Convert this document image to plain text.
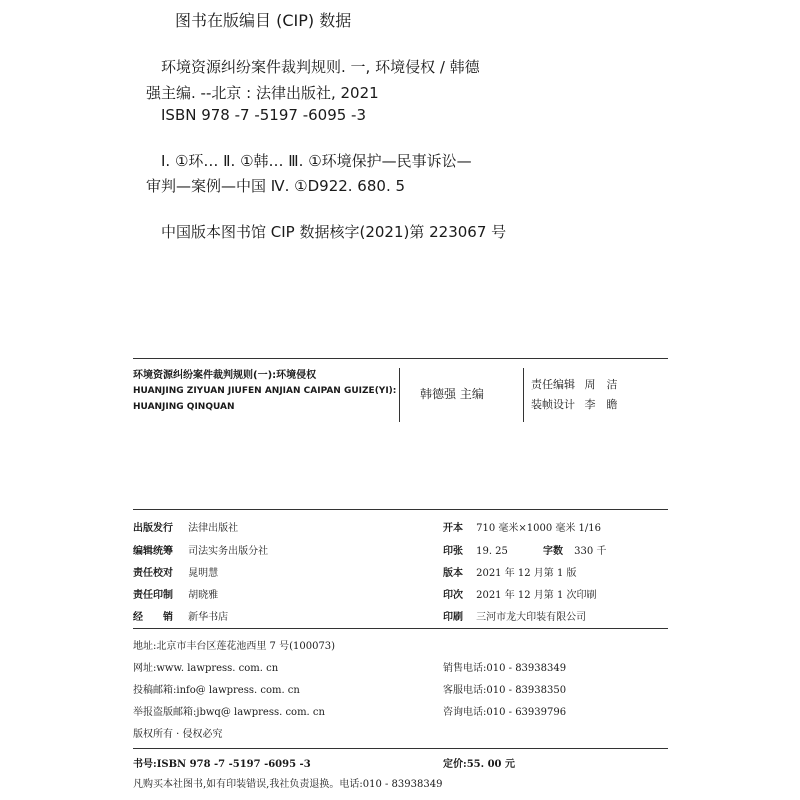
图书在版编目 (CIP) 数据
环境资源纠纷案件裁判规则. 一, 环境侵权 / 韩德
强主编. --北京 : 法律出版社, 2021
ISBN 978 -7 -5197 -6095 -3
Ⅰ. ①环… Ⅱ. ①韩… Ⅲ. ①环境保护—民事诉讼—
审判—案例—中国 Ⅳ. ①D922. 680. 5
中国版本图书馆 CIP 数据核字(2021)第 223067 号
环境资源纠纷案件裁判规则(一):环境侵权
HUANJING ZIYUAN JIUFEN ANJIAN CAIPAN GUIZE(YI):
HUANJING QINQUAN
韩德强 主编
责任编辑 周　洁
装帧设计 李　瞻
出版发行 法律出版社
编辑统筹 司法实务出版分社
责任校对 晁明慧
责任印制 胡晓雅
经　　销 新华书店
开本 710 毫米×1000 毫米 1/16
印张 19. 25	字数 330 千
版本 2021 年 12 月第 1 版
印次 2021 年 12 月第 1 次印刷
印刷 三河市龙大印装有限公司
地址:北京市丰台区莲花池西里 7 号(100073)
网址:www. lawpress. com. cn
投稿邮箱:info@ lawpress. com. cn
举报盗版邮箱:jbwq@ lawpress. com. cn
版权所有 · 侵权必究
销售电话:010 - 83938349
客服电话:010 - 83938350
咨询电话:010 - 63939796
书号:ISBN 978 -7 -5197 -6095 -3	定价:55. 00 元
凡购买本社图书,如有印装错误,我社负责退换。电话:010 - 83938349
